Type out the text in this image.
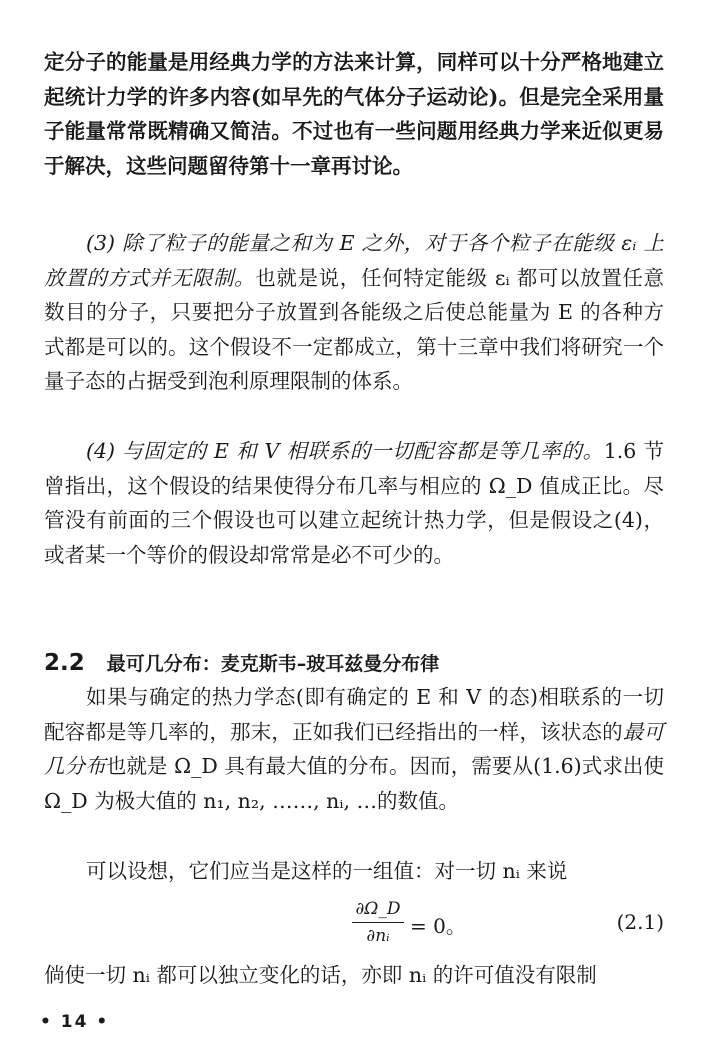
定分子的能量是用经典力学的方法来计算，同样可以十分严格地建立起统计力学的许多内容(如早先的气体分子运动论)。但是完全采用量子能量常常既精确又简洁。不过也有一些问题用经典力学来近似更易于解决，这些问题留待第十一章再讨论。

(3) 除了粒子的能量之和为 E 之外，对于各个粒子在能级 εᵢ 上放置的方式并无限制。也就是说，任何特定能级 εᵢ 都可以放置任意数目的分子，只要把分子放置到各能级之后使总能量为 E 的各种方式都是可以的。这个假设不一定都成立，第十三章中我们将研究一个量子态的占据受到泡利原理限制的体系。

(4) 与固定的 E 和 V 相联系的一切配容都是等几率的。1.6 节曾指出，这个假设的结果使得分布几率与相应的 Ω_D 值成正比。尽管没有前面的三个假设也可以建立起统计热力学，但是假设之(4)，或者某一个等价的假设却常常是必不可少的。

2.2 最可几分布：麦克斯韦–玻耳兹曼分布律

如果与确定的热力学态(即有确定的 E 和 V 的态)相联系的一切配容都是等几率的，那末，正如我们已经指出的一样，该状态的最可几分布也就是 Ω_D 具有最大值的分布。因而，需要从(1.6)式求出使 Ω_D 为极大值的 n₁, n₂, ……, nᵢ, …的数值。

可以设想，它们应当是这样的一组值：对一切 nᵢ 来说

$\frac{\partial\Omega\_D}{\text{∂nᵢ}} = 0$。	(2.1)

倘使一切 nᵢ 都可以独立变化的话，亦即 nᵢ 的许可值没有限制

• 14 •
